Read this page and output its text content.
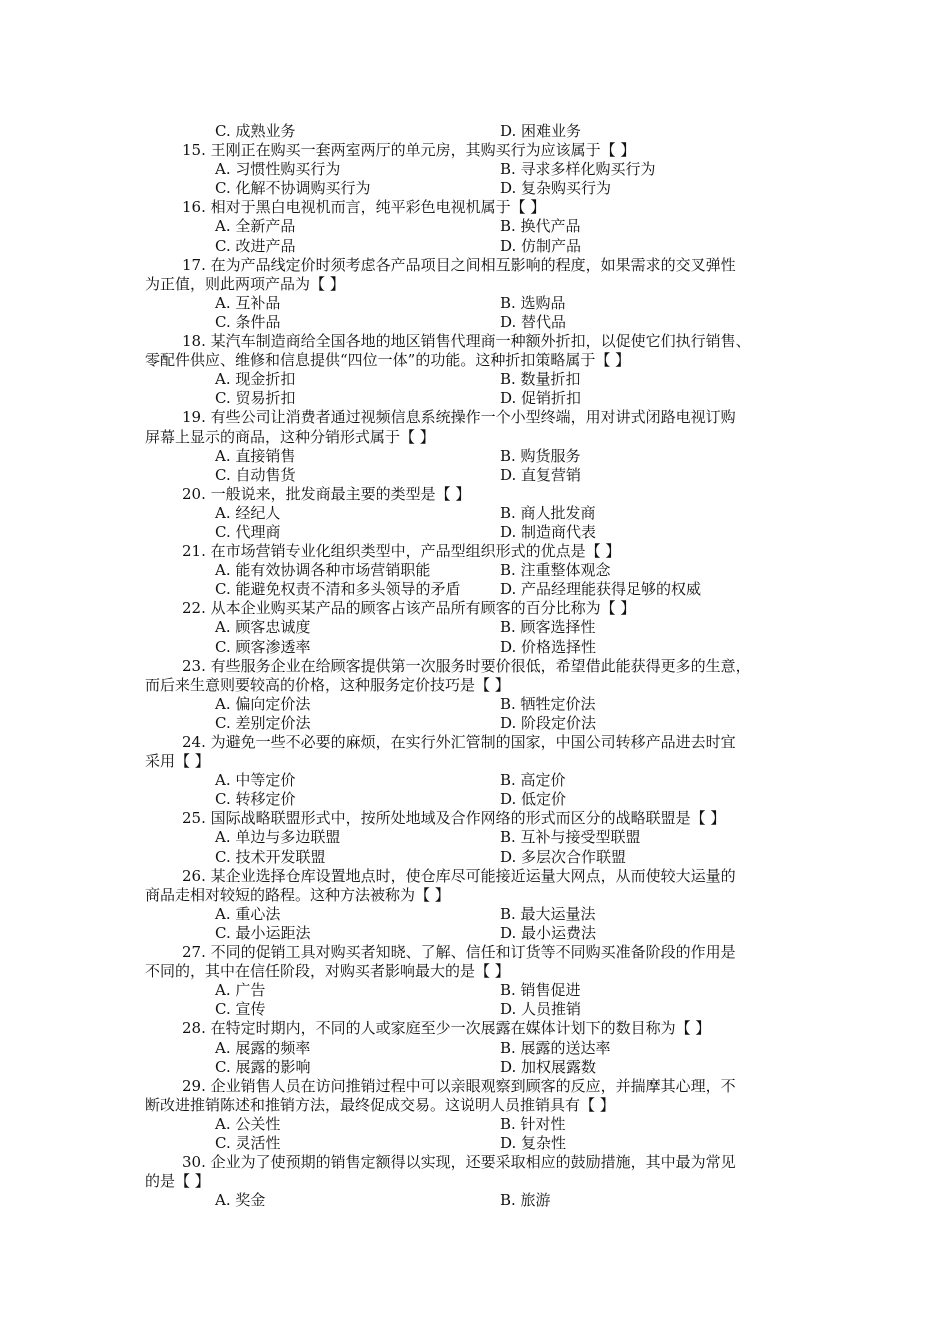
C. 成熟业务	D. 困难业务
15. 王刚正在购买一套两室两厅的单元房，其购买行为应该属于【 】
A. 习惯性购买行为	B. 寻求多样化购买行为
C. 化解不协调购买行为	D. 复杂购买行为
16. 相对于黑白电视机而言，纯平彩色电视机属于【 】
A. 全新产品	B. 换代产品
C. 改进产品	D. 仿制产品
17. 在为产品线定价时须考虑各产品项目之间相互影响的程度，如果需求的交叉弹性
为正值，则此两项产品为【 】
A. 互补品	B. 选购品
C. 条件品	D. 替代品
18. 某汽车制造商给全国各地的地区销售代理商一种额外折扣，以促使它们执行销售、
零配件供应、维修和信息提供“四位一体”的功能。这种折扣策略属于【 】
A. 现金折扣	B. 数量折扣
C. 贸易折扣	D. 促销折扣
19. 有些公司让消费者通过视频信息系统操作一个小型终端，用对讲式闭路电视订购
屏幕上显示的商品，这种分销形式属于【 】
A. 直接销售	B. 购货服务
C. 自动售货	D. 直复营销
20. 一般说来，批发商最主要的类型是【 】
A. 经纪人	B. 商人批发商
C. 代理商	D. 制造商代表
21. 在市场营销专业化组织类型中，产品型组织形式的优点是【 】
A. 能有效协调各种市场营销职能	B. 注重整体观念
C. 能避免权责不清和多头领导的矛盾	D. 产品经理能获得足够的权威
22. 从本企业购买某产品的顾客占该产品所有顾客的百分比称为【 】
A. 顾客忠诚度	B. 顾客选择性
C. 顾客渗透率	D. 价格选择性
23. 有些服务企业在给顾客提供第一次服务时要价很低，希望借此能获得更多的生意，
而后来生意则要较高的价格，这种服务定价技巧是【 】
A. 偏向定价法	B. 牺牲定价法
C. 差别定价法	D. 阶段定价法
24. 为避免一些不必要的麻烦，在实行外汇管制的国家，中国公司转移产品进去时宜
采用【 】
A. 中等定价	B. 高定价
C. 转移定价	D. 低定价
25. 国际战略联盟形式中，按所处地域及合作网络的形式而区分的战略联盟是【 】
A. 单边与多边联盟	B. 互补与接受型联盟
C. 技术开发联盟	D. 多层次合作联盟
26. 某企业选择仓库设置地点时，使仓库尽可能接近运量大网点，从而使较大运量的
商品走相对较短的路程。这种方法被称为【 】
A. 重心法	B. 最大运量法
C. 最小运距法	D. 最小运费法
27. 不同的促销工具对购买者知晓、了解、信任和订货等不同购买准备阶段的作用是
不同的，其中在信任阶段，对购买者影响最大的是【 】
A. 广告	B. 销售促进
C. 宣传	D. 人员推销
28. 在特定时期内，不同的人或家庭至少一次展露在媒体计划下的数目称为【 】
A. 展露的频率	B. 展露的送达率
C. 展露的影响	D. 加权展露数
29. 企业销售人员在访问推销过程中可以亲眼观察到顾客的反应，并揣摩其心理，不
断改进推销陈述和推销方法，最终促成交易。这说明人员推销具有【 】
A. 公关性	B. 针对性
C. 灵活性	D. 复杂性
30. 企业为了使预期的销售定额得以实现，还要采取相应的鼓励措施，其中最为常见
的是【 】
A. 奖金	B. 旅游
